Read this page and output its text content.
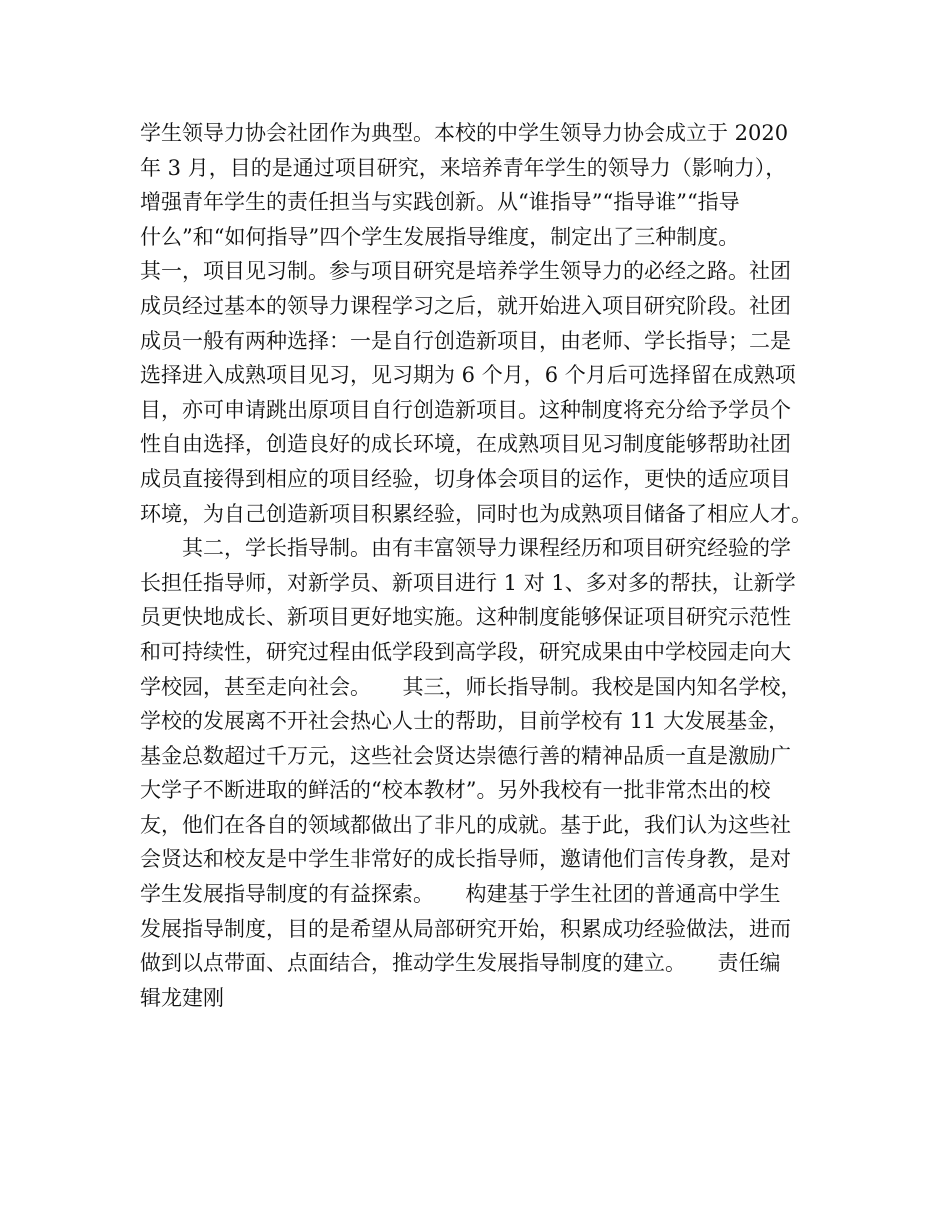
学生领导力协会社团作为典型。本校的中学生领导力协会成立于 2020
年 3 月，目的是通过项目研究，来培养青年学生的领导力（影响力），
增强青年学生的责任担当与实践创新。从“谁指导”“指导谁”“指导
什么”和“如何指导”四个学生发展指导维度，制定出了三种制度。
其一，项目见习制。参与项目研究是培养学生领导力的必经之路。社团
成员经过基本的领导力课程学习之后，就开始进入项目研究阶段。社团
成员一般有两种选择：一是自行创造新项目，由老师、学长指导；二是
选择进入成熟项目见习，见习期为 6 个月，6 个月后可选择留在成熟项
目，亦可申请跳出原项目自行创造新项目。这种制度将充分给予学员个
性自由选择，创造良好的成长环境，在成熟项目见习制度能够帮助社团
成员直接得到相应的项目经验，切身体会项目的运作，更快的适应项目
环境，为自己创造新项目积累经验，同时也为成熟项目储备了相应人才。
　　其二，学长指导制。由有丰富领导力课程经历和项目研究经验的学
长担任指导师，对新学员、新项目进行 1 对 1、多对多的帮扶，让新学
员更快地成长、新项目更好地实施。这种制度能够保证项目研究示范性
和可持续性，研究过程由低学段到高学段，研究成果由中学校园走向大
学校园，甚至走向社会。　　其三，师长指导制。我校是国内知名学校，
学校的发展离不开社会热心人士的帮助，目前学校有 11 大发展基金，
基金总数超过千万元，这些社会贤达崇德行善的精神品质一直是激励广
大学子不断进取的鲜活的“校本教材”。另外我校有一批非常杰出的校
友，他们在各自的领域都做出了非凡的成就。基于此，我们认为这些社
会贤达和校友是中学生非常好的成长指导师，邀请他们言传身教，是对
学生发展指导制度的有益探索。　　构建基于学生社团的普通高中学生
发展指导制度，目的是希望从局部研究开始，积累成功经验做法，进而
做到以点带面、点面结合，推动学生发展指导制度的建立。　　责任编
辑龙建刚
